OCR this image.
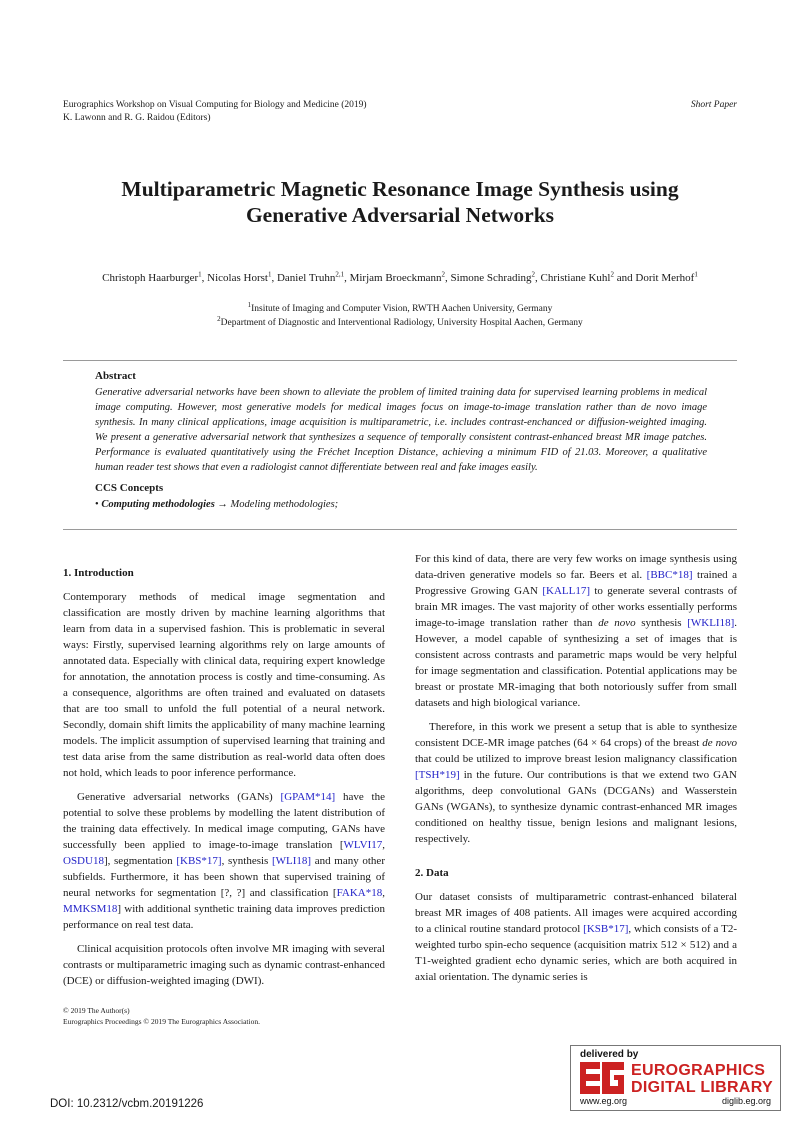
Eurographics Workshop on Visual Computing for Biology and Medicine (2019)
K. Lawonn and R. G. Raidou (Editors)
Short Paper
Multiparametric Magnetic Resonance Image Synthesis using
Generative Adversarial Networks
Christoph Haarburger$^1$, Nicolas Horst$^1$, Daniel Truhn$^{2,1}$, Mirjam Broeckmann$^2$, Simone Schrading$^2$, Christiane Kuhl$^2$ and Dorit Merhof$^1$
$^1$Insitute of Imaging and Computer Vision, RWTH Aachen University, Germany
$^2$Department of Diagnostic and Interventional Radiology, University Hospital Aachen, Germany
Abstract

Generative adversarial networks have been shown to alleviate the problem of limited training data for supervised learning problems in medical image computing. However, most generative models for medical images focus on image-to-image translation rather than de novo image synthesis. In many clinical applications, image acquisition is multiparametric, i.e. includes contrast-enchanced or diffusion-weighted imaging. We present a generative adversarial network that synthesizes a sequence of temporally consistent contrast-enhanced breast MR image patches. Performance is evaluated quantitatively using the Fréchet Inception Distance, achieving a minimum FID of 21.03. Moreover, a qualitative human reader test shows that even a radiologist cannot differentiate between real and fake images easily.

CCS Concepts
• Computing methodologies → Modeling methodologies;
1. Introduction

Contemporary methods of medical image segmentation and classification are mostly driven by machine learning algorithms that learn from data in a supervised fashion. This is problematic in several ways: Firstly, supervised learning algorithms rely on large amounts of annotated data. Especially with clinical data, requiring expert knowledge for annotation, the annotation process is costly and time-consuming. As a consequence, algorithms are often trained and evaluated on datasets that are too small to unfold the full potential of a neural network. Secondly, domain shift limits the applicability of many machine learning models. The implicit assumption of supervised learning that training and test data arise from the same distribution as real-world data often does not hold, which leads to poor inference performance.

Generative adversarial networks (GANs) [GPAM*14] have the potential to solve these problems by modelling the latent distribution of the training data effectively. In medical image computing, GANs have successfully been applied to image-to-image translation [WLVI17, OSDU18], segmentation [KBS*17], synthesis [WLI18] and many other subfields. Furthermore, it has been shown that supervised training of neural networks for segmentation [?, ?] and classification [FAKA*18, MMKSM18] with additional synthetic training data improves prediction performance on real test data.

Clinical acquisition protocols often involve MR imaging with several contrasts or multiparametric imaging such as dynamic contrast-enhanced (DCE) or diffusion-weighted imaging (DWI).

For this kind of data, there are very few works on image synthesis using data-driven generative models so far. Beers et al. [BBC*18] trained a Progressive Growing GAN [KALL17] to generate several contrasts of brain MR images. The vast majority of other works essentially performs image-to-image translation rather than de novo synthesis [WKLI18]. However, a model capable of synthesizing a set of images that is consistent across contrasts and parametric maps would be very helpful for image segmentation and classification. Potential applications may be breast or prostate MR-imaging that both notoriously suffer from small datasets and high biological variance.

Therefore, in this work we present a setup that is able to synthesize consistent DCE-MR image patches (64 × 64 crops) of the breast de novo that could be utilized to improve breast lesion malignancy classification [TSH*19] in the future. Our contributions is that we extend two GAN algorithms, deep convolutional GANs (DCGANs) and Wasserstein GANs (WGANs), to synthesize dynamic contrast-enhanced MR images conditioned on healthy tissue, benign lesions and malignant lesions, respectively.

2. Data

Our dataset consists of multiparametric contrast-enhanced bilateral breast MR images of 408 patients. All images were acquired according to a clinical routine standard protocol [KSB*17], which consists of a T2-weighted turbo spin-echo sequence (acquisition matrix 512 × 512) and a T1-weighted gradient echo dynamic series, which are both acquired in axial orientation. The dynamic series is

© 2019 The Author(s)
Eurographics Proceedings © 2019 The Eurographics Association.
DOI: 10.2312/vcbm.20191226
delivered by
EUROGRAPHICS
DIGITAL LIBRARY
www.eg.org	diglib.eg.org
